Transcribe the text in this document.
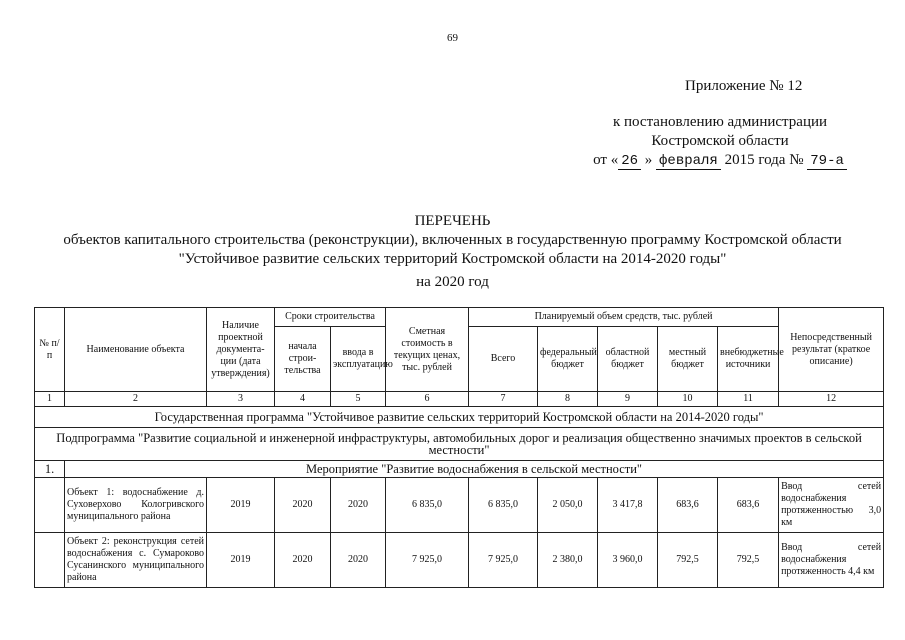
69
Приложение № 12
к постановлению администрации
Костромской области
от « 26 » февраля 2015 года № 79-а
ПЕРЕЧЕНЬ
объектов капитального строительства (реконструкции), включенных в государственную программу Костромской области
"Устойчивое развитие сельских территорий Костромской области на 2014-2020 годы"
на 2020 год
№ п/п	Наименование объекта	Наличие проектной документа-ции (дата утверждения)	Сроки строительства		Сметная стоимость в текущих ценах, тыс. рублей	Планируемый объем средств, тыс. рублей					Непосредственный результат (краткое описание)
			начала строи-тельства	ввода в эксплуатацию		Всего	федеральный бюджет	областной бюджет	местный бюджет	внебюджетные источники	
1	2	3	4	5	6	7	8	9	10	11	12
Государственная программа "Устойчивое развитие сельских территорий Костромской области на 2014-2020 годы"											
Подпрограмма "Развитие социальной и инженерной инфраструктуры, автомобильных дорог и реализация общественно значимых проектов в сельской местности"											
1.	Мероприятие "Развитие водоснабжения в сельской местности"										
	Объект 1: водоснабжение д. Суховерхово Кологривского муниципального района	2019	2020	2020	6 835,0	6 835,0	2 050,0	3 417,8	683,6	683,6	Ввод сетей водоснабжения протяженностью 3,0 км
	Объект 2: реконструкция сетей водоснабжения с. Сумароково Сусанинского муниципального района	2019	2020	2020	7 925,0	7 925,0	2 380,0	3 960,0	792,5	792,5	Ввод сетей водоснабжения протяженность 4,4 км
